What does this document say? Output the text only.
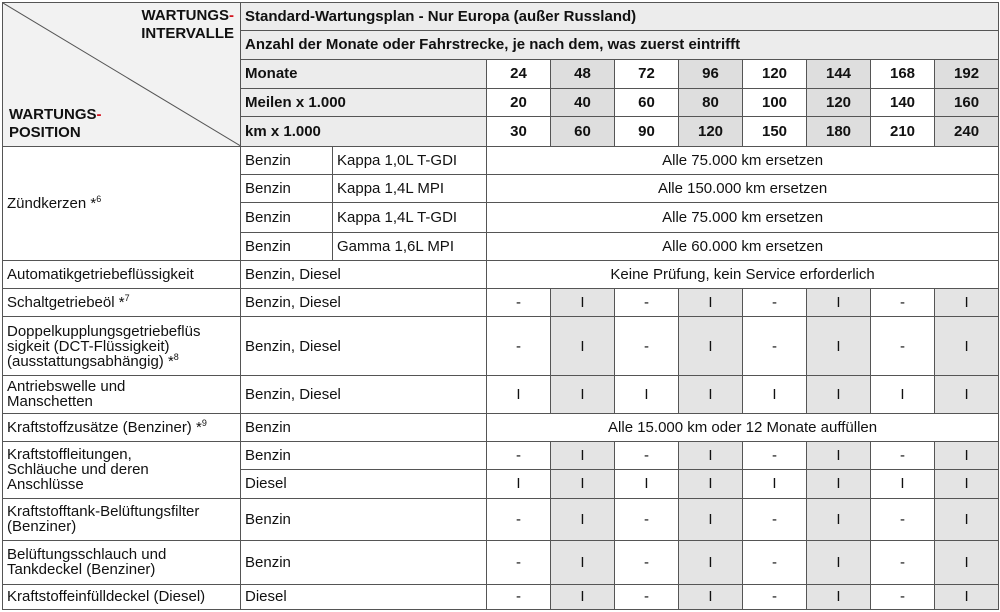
WARTUNGS-
INTERVALLE
WARTUNGS-
POSITION	Standard-Wartungsplan - Nur Europa (außer Russland)									
	Anzahl der Monate oder Fahrstrecke, je nach dem, was zuerst eintrifft									
	Monate		24	48	72	96	120	144	168	192
	Meilen x 1.000		20	40	60	80	100	120	140	160
	km x 1.000		30	60	90	120	150	180	210	240
Zündkerzen *$^6$	Benzin	Kappa 1,0L T-GDI	Alle 75.000 km ersetzen							
	Benzin	Kappa 1,4L MPI	Alle 150.000 km ersetzen							
	Benzin	Kappa 1,4L T-GDI	Alle 75.000 km ersetzen							
	Benzin	Gamma 1,6L MPI	Alle 60.000 km ersetzen							
Automatikgetriebeflüssigkeit	Benzin, Diesel		Keine Prüfung, kein Service erforderlich							
Schaltgetriebeöl *$^7$	Benzin, Diesel		-	I	-	I	-	I	-	I
Doppelkupplungsgetriebeflüs
sigkeit (DCT-Flüssigkeit)
(ausstattungsabhängig) *$^8$	Benzin, Diesel		-	I	-	I	-	I	-	I
Antriebswelle und
Manschetten	Benzin, Diesel		I	I	I	I	I	I	I	I
Kraftstoffzusätze (Benziner) *$^9$	Benzin		Alle 15.000 km oder 12 Monate auffüllen							
Kraftstoffleitungen,
Schläuche und deren
Anschlüsse	Benzin		-	I	-	I	-	I	-	I
	Diesel		I	I	I	I	I	I	I	I
Kraftstofftank-Belüftungsfilter
(Benziner)	Benzin		-	I	-	I	-	I	-	I
Belüftungsschlauch und
Tankdeckel (Benziner)	Benzin		-	I	-	I	-	I	-	I
Kraftstoffeinfülldeckel (Diesel)	Diesel		-	I	-	I	-	I	-	I
